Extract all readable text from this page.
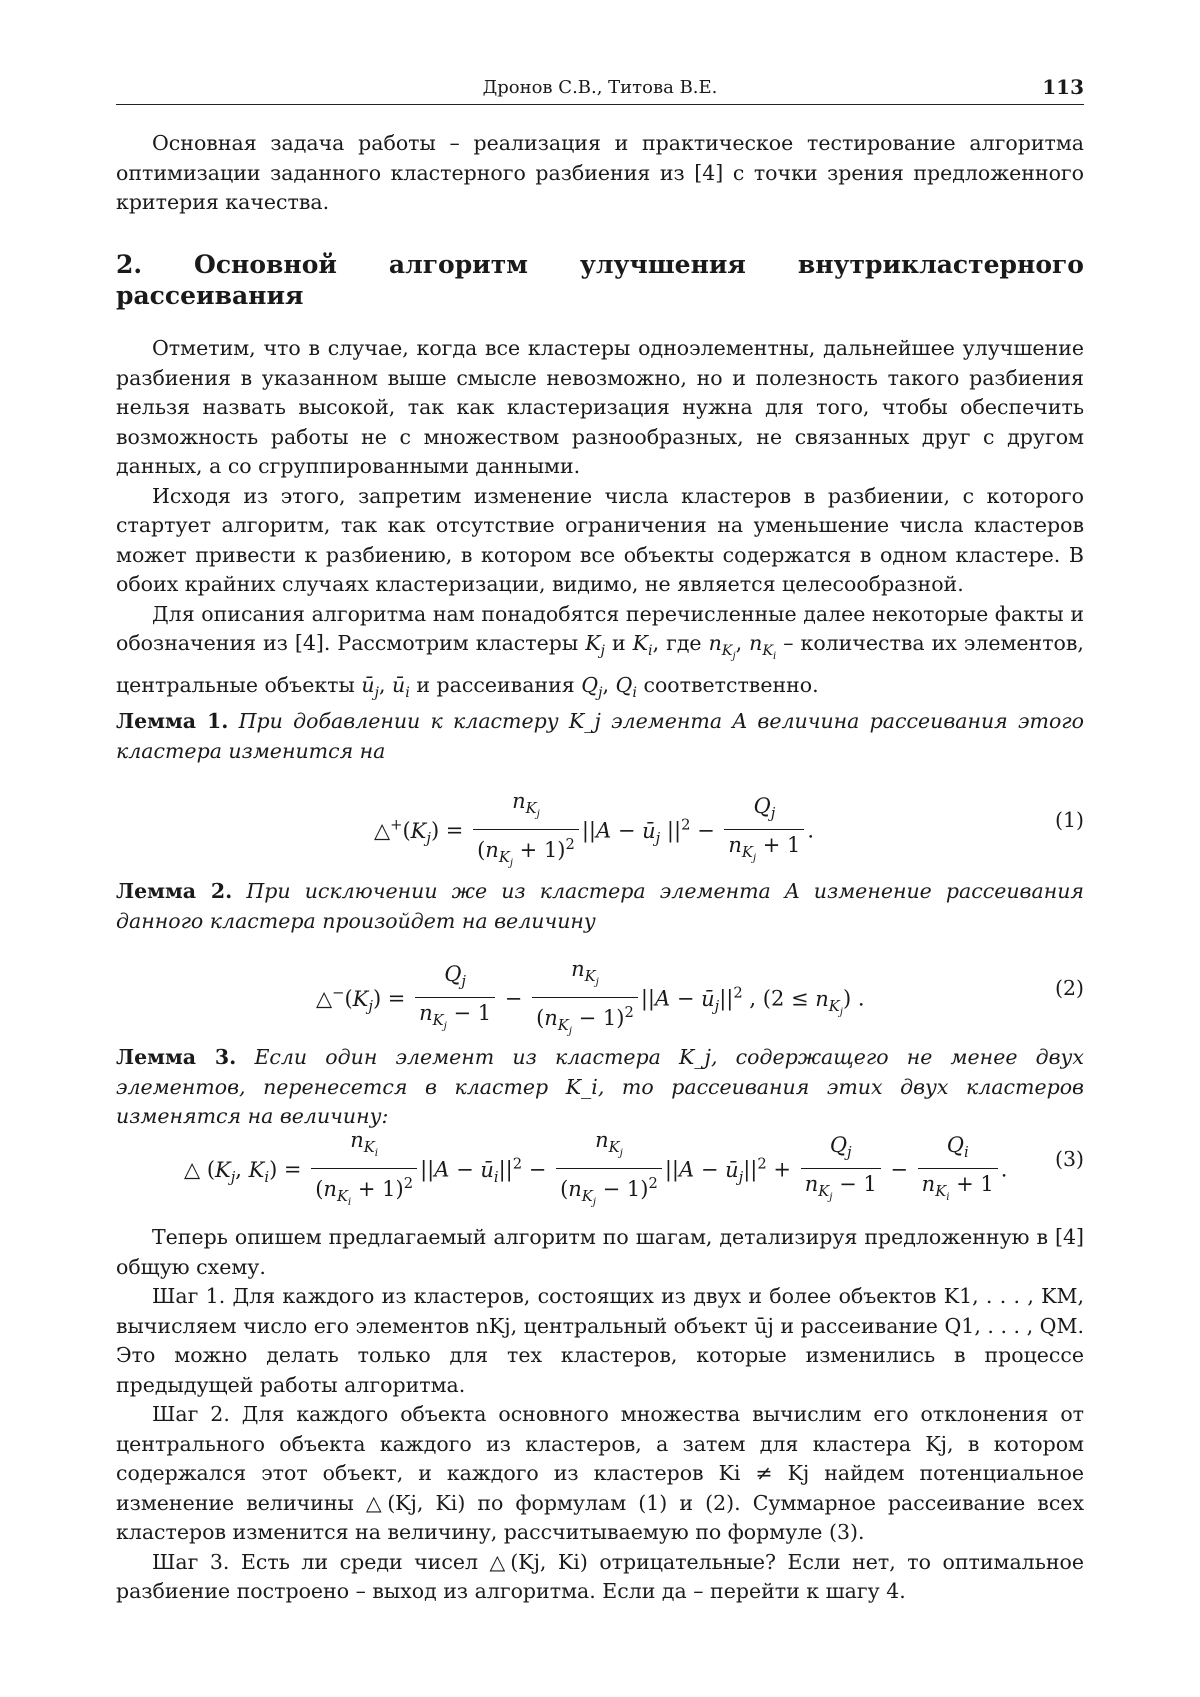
Дронов С.В., Титова В.Е.	113

Основная задача работы – реализация и практическое тестирование алгоритма оптимизации заданного кластерного разбиения из [4] с точки зрения предложенного критерия качества.

2. Основной алгоритм улучшения внутрикластерного рассеивания

Отметим, что в случае, когда все кластеры одноэлементны, дальнейшее улучшение разбиения в указанном выше смысле невозможно, но и полезность такого разбиения нельзя назвать высокой, так как кластеризация нужна для того, чтобы обеспечить возможность работы не с множеством разнообразных, не связанных друг с другом данных, а со сгруппированными данными.

Исходя из этого, запретим изменение числа кластеров в разбиении, с которого стартует алгоритм, так как отсутствие ограничения на уменьшение числа кластеров может привести к разбиению, в котором все объекты содержатся в одном кластере. В обоих крайних случаях кластеризации, видимо, не является целесообразной.

Для описания алгоритма нам понадобятся перечисленные далее некоторые факты и обозначения из [4]. Рассмотрим кластеры Kj и Ki, где nKj, nKi – количества их элементов, центральные объекты ūj, ūi и рассеивания Qj, Qi соответственно.

Лемма 1. При добавлении к кластеру K_j элемента A величина рассеивания этого кластера изменится на

△+(Kj) =
nKj
(nKj + 1)2
||A − ūj ||2 −
Qj
nKj + 1
.	(1)

Лемма 2. При исключении же из кластера элемента A изменение рассеивания данного кластера произойдет на величину

△−(Kj) =
Qj
nKj − 1
−
nKj
(nKj − 1)2
||A − ūj||2 , (2 ≤ nKj) .	(2)

Лемма 3. Если один элемент из кластера K_j, содержащего не менее двух элементов, перенесется в кластер K_i, то рассеивания этих двух кластеров изменятся на величину:

△ (Kj, Ki) =
nKi
(nKi + 1)2
||A − ūi||2 −
nKj
(nKj − 1)2
||A − ūj||2 +
Qj
nKj − 1
−
Qi
nKi + 1
. (3)

Теперь опишем предлагаемый алгоритм по шагам, детализируя предложенную в [4] общую схему.

Шаг 1. Для каждого из кластеров, состоящих из двух и более объектов K1, . . . , KM, вычисляем число его элементов nKj, центральный объект ūj и рассеивание Q1, . . . , QM. Это можно делать только для тех кластеров, которые изменились в процессе предыдущей работы алгоритма.

Шаг 2. Для каждого объекта основного множества вычислим его отклонения от центрального объекта каждого из кластеров, а затем для кластера Kj, в котором содержался этот объект, и каждого из кластеров Ki ≠ Kj найдем потенциальное изменение величины △(Kj, Ki) по формулам (1) и (2). Суммарное рассеивание всех кластеров изменится на величину, рассчитываемую по формуле (3).

Шаг 3. Есть ли среди чисел △(Kj, Ki) отрицательные? Если нет, то оптимальное разбиение построено – выход из алгоритма. Если да – перейти к шагу 4.
